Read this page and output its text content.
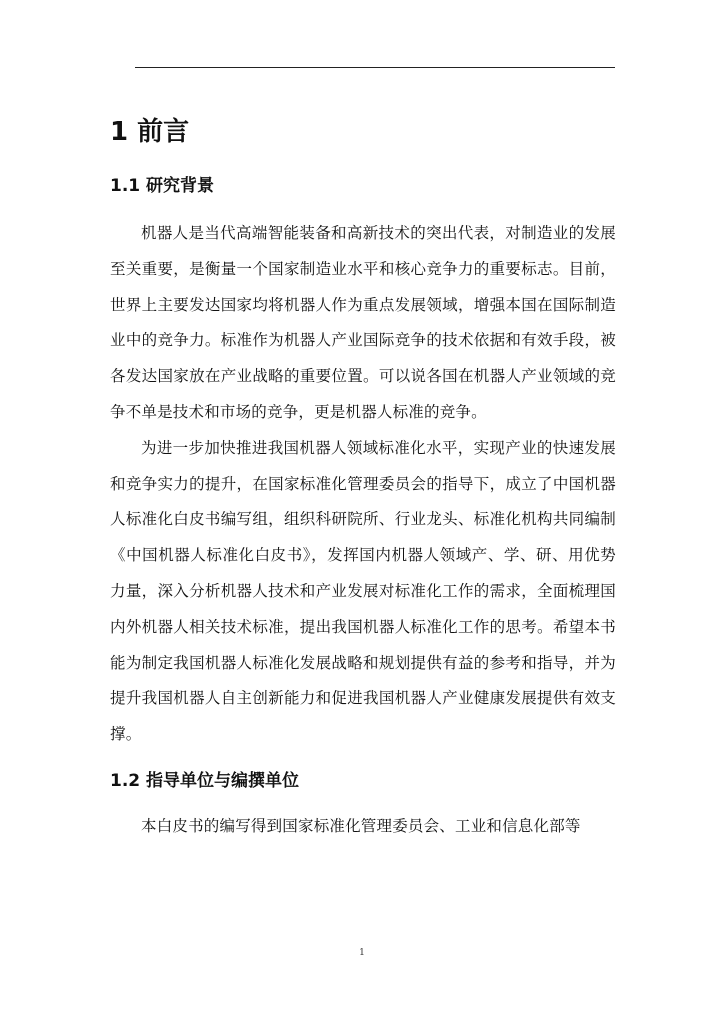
1 前言
1.1 研究背景

机器人是当代高端智能装备和高新技术的突出代表，对制造业的发展至关重要，是衡量一个国家制造业水平和核心竞争力的重要标志。目前，世界上主要发达国家均将机器人作为重点发展领域，增强本国在国际制造业中的竞争力。标准作为机器人产业国际竞争的技术依据和有效手段，被各发达国家放在产业战略的重要位置。可以说各国在机器人产业领域的竞争不单是技术和市场的竞争，更是机器人标准的竞争。

为进一步加快推进我国机器人领域标准化水平，实现产业的快速发展和竞争实力的提升，在国家标准化管理委员会的指导下，成立了中国机器人标准化白皮书编写组，组织科研院所、行业龙头、标准化机构共同编制《中国机器人标准化白皮书》，发挥国内机器人领域产、学、研、用优势力量，深入分析机器人技术和产业发展对标准化工作的需求，全面梳理国内外机器人相关技术标准，提出我国机器人标准化工作的思考。希望本书能为制定我国机器人标准化发展战略和规划提供有益的参考和指导，并为提升我国机器人自主创新能力和促进我国机器人产业健康发展提供有效支撑。

1.2 指导单位与编撰单位

本白皮书的编写得到国家标准化管理委员会、工业和信息化部等

1
